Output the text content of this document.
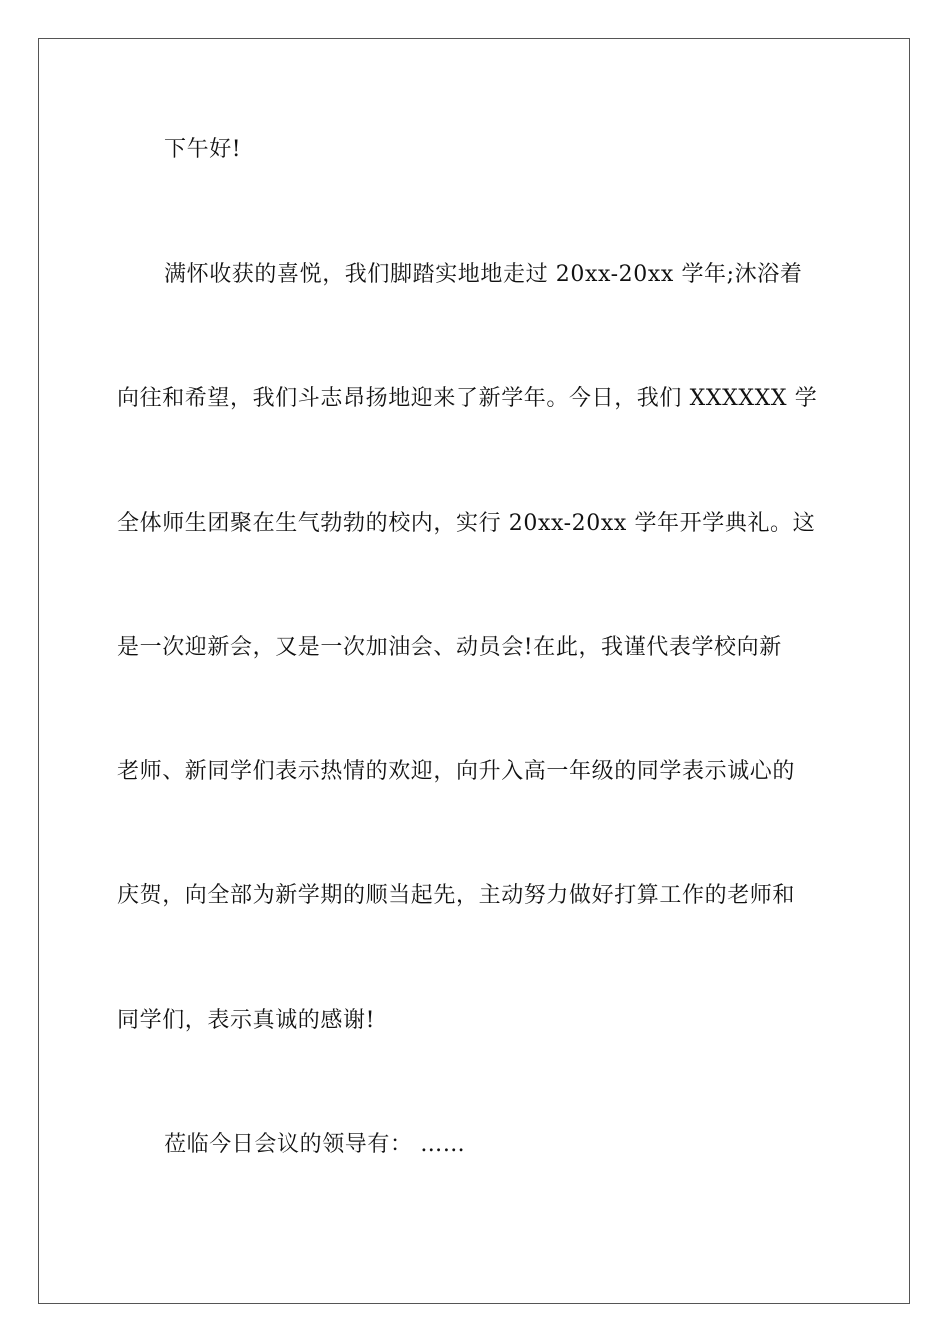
下午好!
满怀收获的喜悦，我们脚踏实地地走过 20xx-20xx 学年;沐浴着
向往和希望，我们斗志昂扬地迎来了新学年。今日，我们 XXXXXX 学
全体师生团聚在生气勃勃的校内，实行 20xx-20xx 学年开学典礼。这
是一次迎新会，又是一次加油会、动员会!在此，我谨代表学校向新
老师、新同学们表示热情的欢迎，向升入高一年级的同学表示诚心的
庆贺，向全部为新学期的顺当起先，主动努力做好打算工作的老师和
同学们，表示真诚的感谢!
莅临今日会议的领导有： ……
